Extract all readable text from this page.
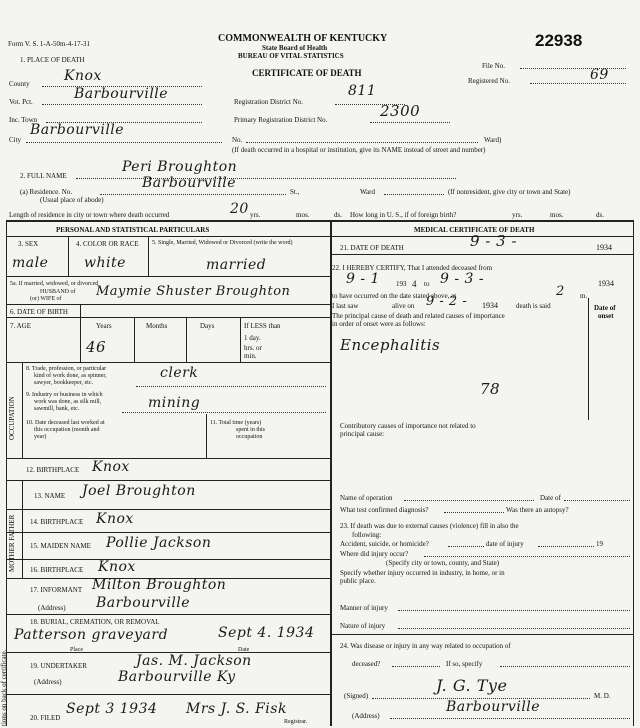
Form V. S. 1-A-50m-4-17-31	COMMONWEALTH OF KENTUCKY
State Board of Health
BUREAU OF VITAL STATISTICS
CERTIFICATE OF DEATH
22938
File No.
Registered No.	69
1. PLACE OF DEATH
County Knox
Vot. Pct.	Barbourville	Registration District No.
811
Inc. Town	Primary Registration District No.	2300
City
Barbourville
No.	Ward)
(If death occurred in a hospital or institution, give its NAME instead of street and number)
2. FULL NAME
Peri Broughton
(a) Residence. No.
Barbourville
(Usual place of abode)
St.,	Ward	(If nonresident, give city or town and State)
Length of residence in city or town where death occurred	20 yrs.	mos.	ds. How long in U. S., if of foreign birth?	yrs.	mos.	ds.
PERSONAL AND STATISTICAL PARTICULARS
3. SEX
male
4. COLOR OR RACE
white
5. Single, Married, Widowed or Divorced (write the word)
married
5a. If married, widowed, or divorced
HUSBAND of
(or) WIFE of	Maymie Shuster Broughton
6. DATE OF BIRTH
7. AGE	Years	Months	Days
46
If LESS than
1 day.
hrs. or
min.
OCCUPATION
8. Trade, profession, or particular
kind of work done, as spinner,
sawyer, bookkeeper, etc.
clerk
9. Industry or business in which
work was done, as silk mill,
sawmill, bank, etc.	mining
10. Date deceased last worked at
this occupation (month and
year)
11. Total time (years)
spent in this
occupation
12. BIRTHPLACE Knox
MOTHER FATHER
13. NAME Joel Broughton
14. BIRTHPLACE Knox
15. MAIDEN NAME Pollie Jackson
16. BIRTHPLACE Knox
17. INFORMANT Milton Broughton
(Address) Barbourville
18. BURIAL, CREMATION, OR REMOVAL
Place	Date
Patterson graveyard	Sept 4. 1934
19. UNDERTAKER	Jas. M. Jackson
(Address)	Barbourville Ky
20. FILED
Sept 3 1934 Mrs J. S. Fisk
Registrar.
tions on back of certificate.
MEDICAL CERTIFICATE OF DEATH
21. DATE OF DEATH	9 - 3 -	1934
22. I HEREBY CERTIFY, That I attended deceased from
9 - 1 193 4 to 9 - 3 -	1934
to have occurred on the date stated above, at	2 m.
I last saw	alive on 9 - 2 - 1934	death is said
The principal cause of death and related causes of importance
in order of onset were as follows:
Date of
onset
Encephalitis
78
Contributory causes of importance not related to
principal cause:
Name of operation	Date of
What test confirmed diagnosis?	Was there an autopsy?
23. If death was due to external causes (violence) fill in also the
following:
Accident, suicide, or homicide?	date of injury	19
Where did injury occur?
(Specify city or town, county, and State)
Specify whether injury occurred in industry, in home, or in
public place.
Manner of injury
Nature of injury
24. Was disease or injury in any way related to occupation of
deceased?	If so, specify
(Signed)
J. G. Tye
M. D.
(Address)
Barbourville
